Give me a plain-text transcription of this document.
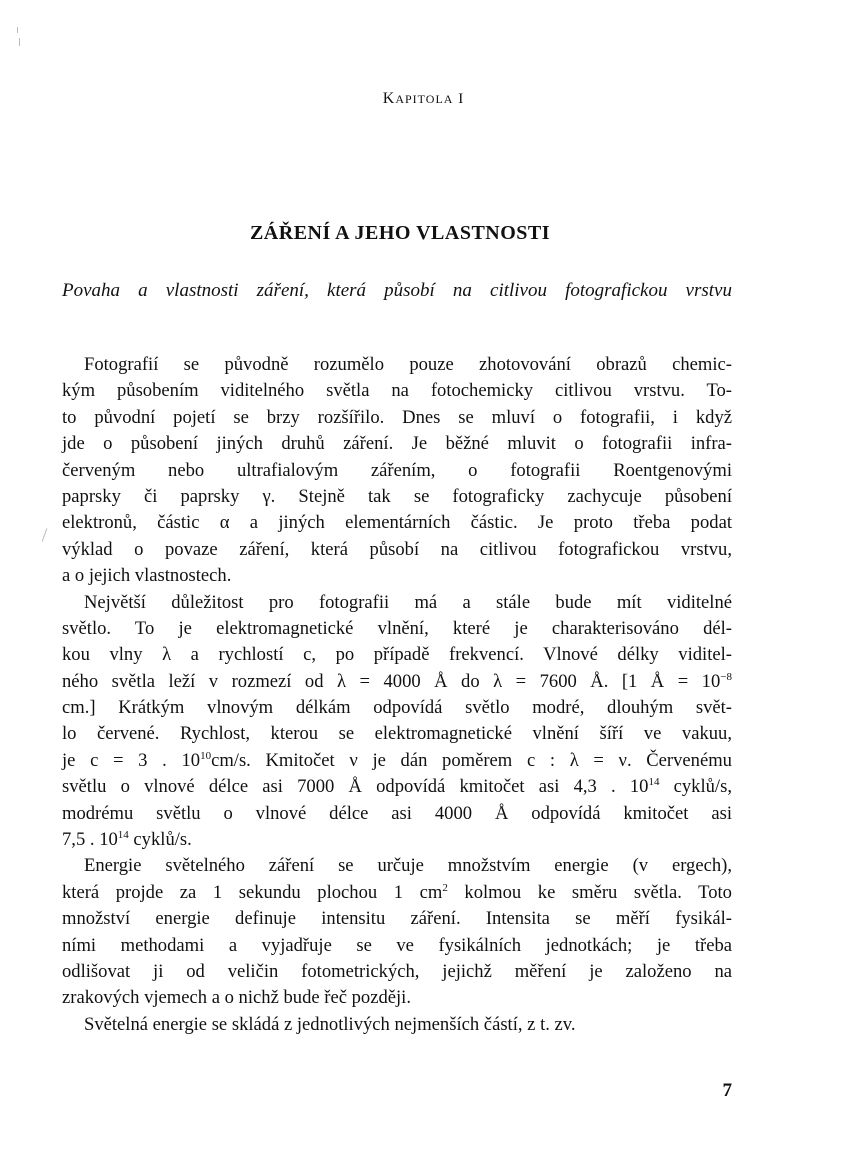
KAPITOLA I
ZÁŘENÍ A JEHO VLASTNOSTI
Povaha a vlastnosti záření, která působí na citlivou fotografickou vrstvu
Fotografií se původně rozumělo pouze zhotovování obrazů chemic-
kým působením viditelného světla na fotochemicky citlivou vrstvu. To-
to původní pojetí se brzy rozšířilo. Dnes se mluví o fotografii, i když
jde o působení jiných druhů záření. Je běžné mluvit o fotografii infra-
červeným nebo ultrafialovým zářením, o fotografii Roentgenovými
paprsky či paprsky γ. Stejně tak se fotograficky zachycuje působení
elektronů, částic α a jiných elementárních částic. Je proto třeba podat
výklad o povaze záření, která působí na citlivou fotografickou vrstvu,
a o jejich vlastnostech.
Největší důležitost pro fotografii má a stále bude mít viditelné
světlo. To je elektromagnetické vlnění, které je charakterisováno dél-
kou vlny λ a rychlostí c, po případě frekvencí. Vlnové délky viditel-
ného světla leží v rozmezí od λ = 4000 Å do λ = 7600 Å. [1 Å = $10^{-8}$
cm.] Krátkým vlnovým délkám odpovídá světlo modré, dlouhým svět-
lo červené. Rychlost, kterou se elektromagnetické vlnění šíří ve vakuu,
je c = 3 . $10^{10}cm/s$. Kmitočet ν je dán poměrem c : λ = ν. Červenému
světlu o vlnové délce asi 7000 Å odpovídá kmitočet asi 4,3 . $10^{14}$ cyklů/s,
modrému světlu o vlnové délce asi 4000 Å odpovídá kmitočet asi
7,5 . $10^{14}$ cyklů/s.
Energie světelného záření se určuje množstvím energie (v ergech),
která projde za 1 sekundu plochou 1 $cm^2$ kolmou ke směru světla. Toto
množství energie definuje intensitu záření. Intensita se měří fysikál-
ními methodami a vyjadřuje se ve fysikálních jednotkách; je třeba
odlišovat ji od veličin fotometrických, jejichž měření je založeno na
zrakových vjemech a o nichž bude řeč později.
Světelná energie se skládá z jednotlivých nejmenších částí, z t. zv.
7
